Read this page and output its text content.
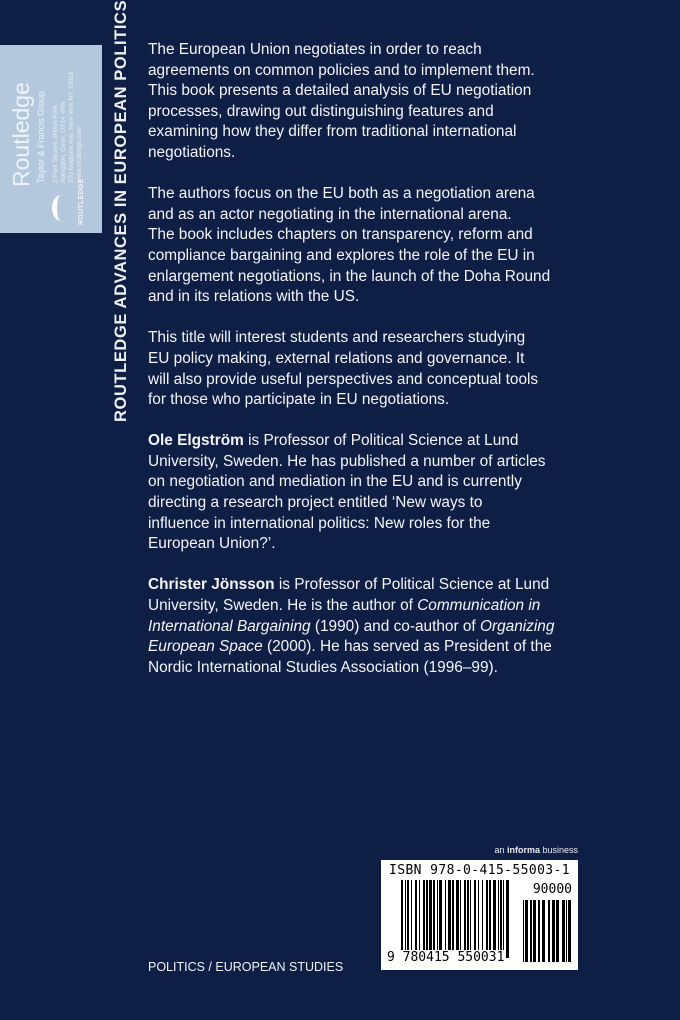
ROUTLEDGE
Routledge Taylor & Francis Group 2 Park Square, Milton Park, Abingdon, Oxon, OX14 4RN 270 Madison Ave, New York NY 10016 www.routledge.com ROUTLEDGE ADVANCES IN EUROPEAN POLITICS The European Union negotiates in order to reach
agreements on common policies and to implement them.
This book presents a detailed analysis of EU negotiation
processes, drawing out distinguishing features and
examining how they differ from traditional international
negotiations.
The authors focus on the EU both as a negotiation arena
and as an actor negotiating in the international arena.
The book includes chapters on transparency, reform and
compliance bargaining and explores the role of the EU in
enlargement negotiations, in the launch of the Doha Round
and in its relations with the US.
This title will interest students and researchers studying
EU policy making, external relations and governance. It
will also provide useful perspectives and conceptual tools
for those who participate in EU negotiations.
Ole Elgström is Professor of Political Science at Lund
University, Sweden. He has published a number of articles
on negotiation and mediation in the EU and is currently
directing a research project entitled ‘New ways to
influence in international politics: New roles for the
European Union?’.
Christer Jönsson is Professor of Political Science at Lund
University, Sweden. He is the author of Communication in
International Bargaining (1990) and co-author of Organizing
European Space (2000). He has served as President of the
Nordic International Studies Association (1996–99).
an informa business
ISBN 978-0-415-55003-1
90000
9 780415 550031
POLITICS / EUROPEAN STUDIES
